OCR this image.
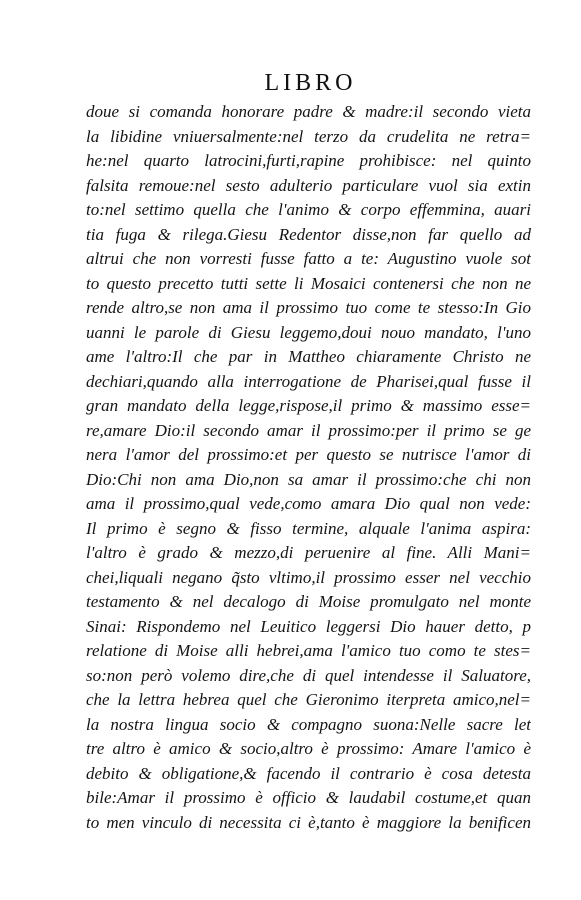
LIBRO
doue si comanda honorare padre & madre:il secondo vieta
la libidine vniuersalmente:nel terzo da crudelita ne retra=
he:nel quarto latrocini,furti,rapine prohibisce: nel quinto
falsita remoue:nel sesto adulterio particulare vuol sia extin
to:nel settimo quella che l'animo & corpo effemmina, auari
tia fuga & rilega.Giesu Redentor disse,non far quello ad
altrui che non vorresti fusse fatto a te: Augustino vuole sot
to questo precetto tutti sette li Mosaici contenersi che non ne
rende altro,se non ama il prossimo tuo come te stesso:In Gio
uanni le parole di Giesu leggemo,doui nouo mandato, l'uno
ame l'altro:Il che par in Mattheo chiaramente Christo ne
dechiari,quando alla interrogatione de Pharisei,qual fusse il
gran mandato della legge,rispose,il primo & massimo esse=
re,amare Dio:il secondo amar il prossimo:per il primo se ge
nera l'amor del prossimo:et per questo se nutrisce l'amor di
Dio:Chi non ama Dio,non sa amar il prossimo:che chi non
ama il prossimo,qual vede,como amara Dio qual non vede:
Il primo è segno & fisso termine, alquale l'anima aspira:
l'altro è grado & mezzo,di peruenire al fine. Alli Mani=
chei,liquali negano q̃sto vltimo,il prossimo esser nel vecchio
testamento & nel decalogo di Moise promulgato nel monte
Sinai: Rispondemo nel Leuitico leggersi Dio hauer detto, p
relatione di Moise alli hebrei,ama l'amico tuo como te stes=
so:non però volemo dire,che di quel intendesse il Saluatore,
che la lettra hebrea quel che Gieronimo iterpreta amico,nel=
la nostra lingua socio & compagno suona:Nelle sacre let
tre altro è amico & socio,altro è prossimo: Amare l'amico è
debito & obligatione,& facendo il contrario è cosa detesta
bile:Amar il prossimo è officio & laudabil costume,et quan
to men vinculo di necessita ci è,tanto è maggiore la benificen
